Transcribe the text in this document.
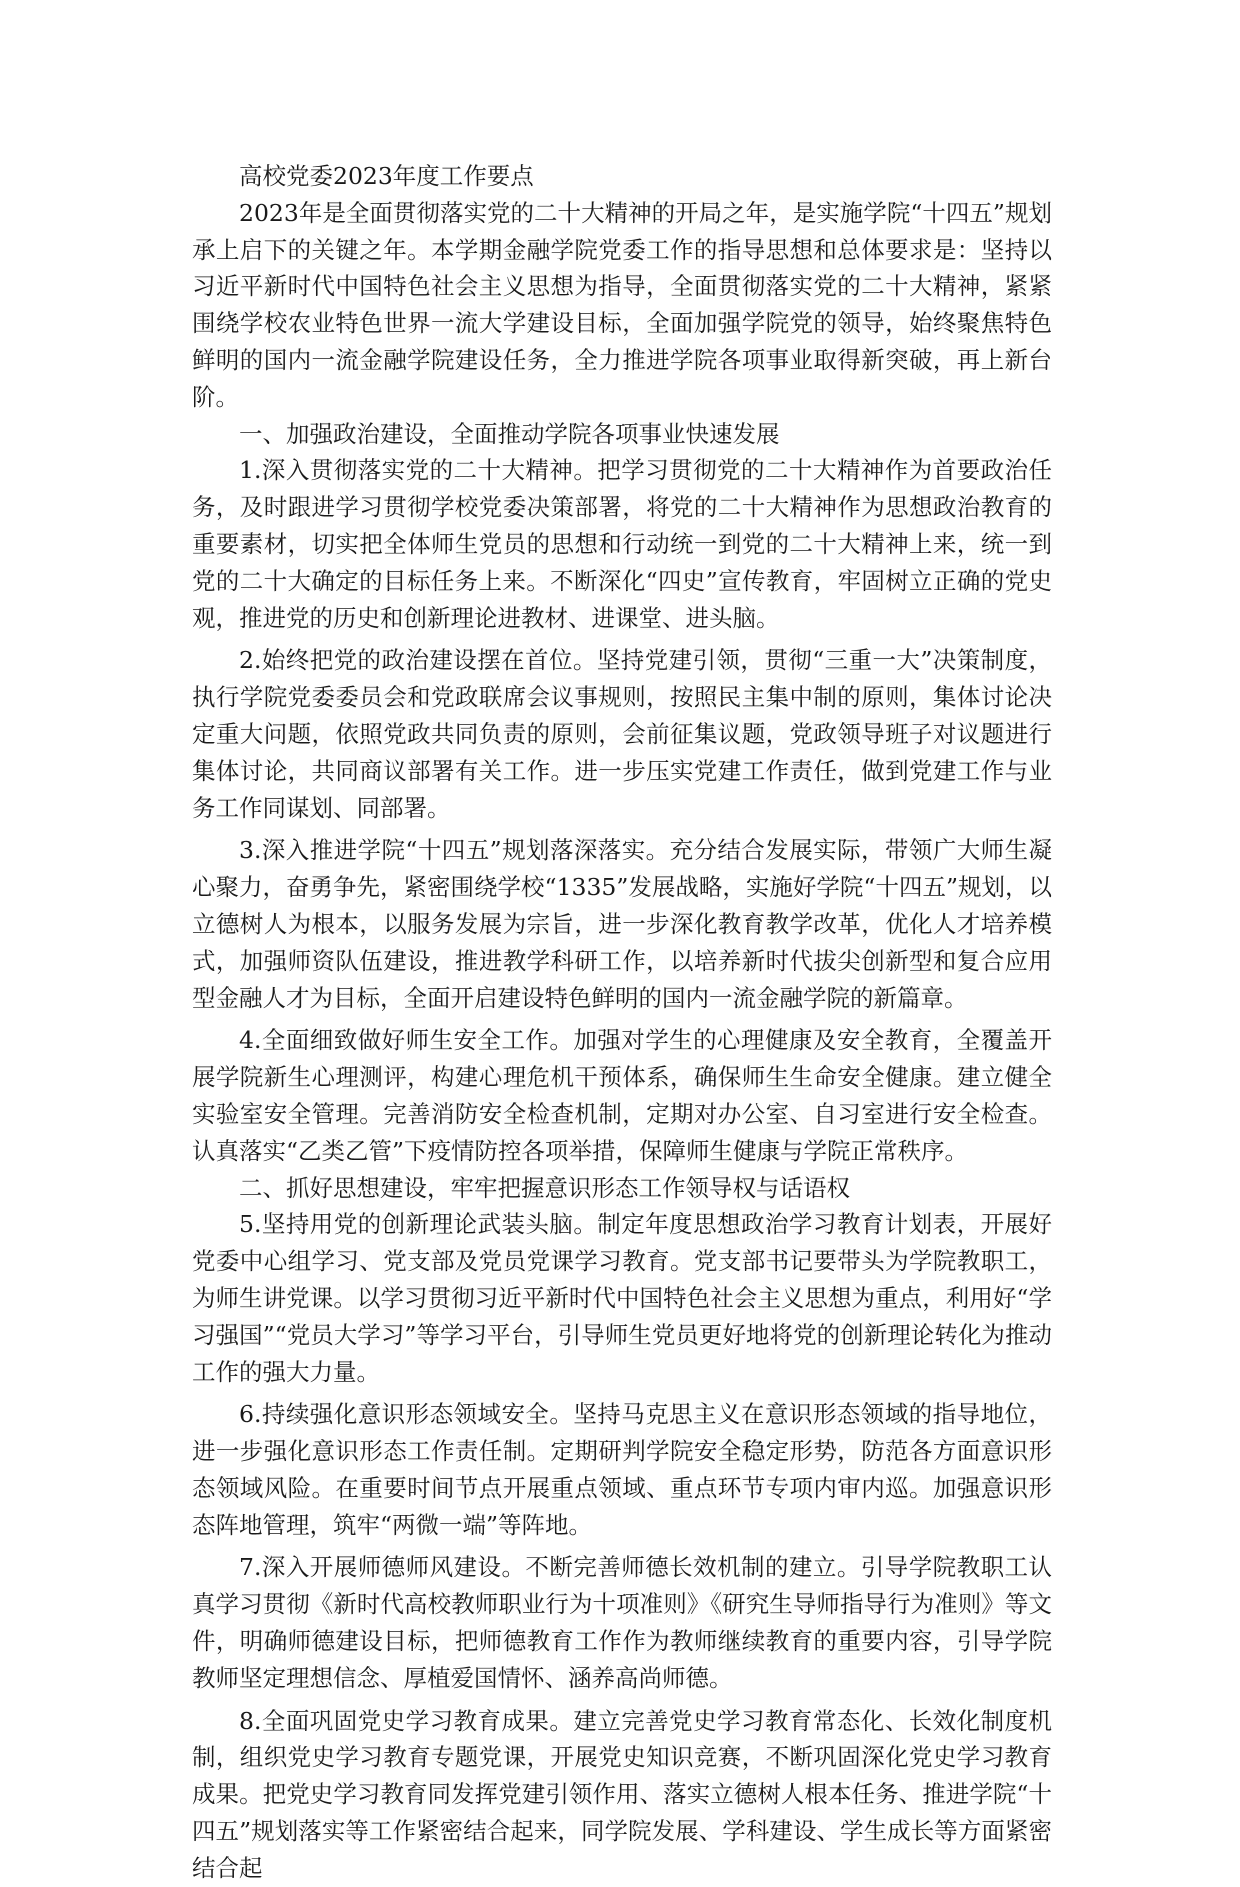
高校党委2023年度工作要点

2023年是全面贯彻落实党的二十大精神的开局之年，是实施学院“十四五”规划承上启下的关键之年。本学期金融学院党委工作的指导思想和总体要求是：坚持以习近平新时代中国特色社会主义思想为指导，全面贯彻落实党的二十大精神，紧紧围绕学校农业特色世界一流大学建设目标，全面加强学院党的领导，始终聚焦特色鲜明的国内一流金融学院建设任务，全力推进学院各项事业取得新突破，再上新台阶。

一、加强政治建设，全面推动学院各项事业快速发展

1.深入贯彻落实党的二十大精神。把学习贯彻党的二十大精神作为首要政治任务，及时跟进学习贯彻学校党委决策部署，将党的二十大精神作为思想政治教育的重要素材，切实把全体师生党员的思想和行动统一到党的二十大精神上来，统一到党的二十大确定的目标任务上来。不断深化“四史”宣传教育，牢固树立正确的党史观，推进党的历史和创新理论进教材、进课堂、进头脑。

2.始终把党的政治建设摆在首位。坚持党建引领，贯彻“三重一大”决策制度，执行学院党委委员会和党政联席会议事规则，按照民主集中制的原则，集体讨论决定重大问题，依照党政共同负责的原则，会前征集议题，党政领导班子对议题进行集体讨论，共同商议部署有关工作。进一步压实党建工作责任，做到党建工作与业务工作同谋划、同部署。

3.深入推进学院“十四五”规划落深落实。充分结合发展实际，带领广大师生凝心聚力，奋勇争先，紧密围绕学校“1335”发展战略，实施好学院“十四五”规划，以立德树人为根本，以服务发展为宗旨，进一步深化教育教学改革，优化人才培养模式，加强师资队伍建设，推进教学科研工作，以培养新时代拔尖创新型和复合应用型金融人才为目标，全面开启建设特色鲜明的国内一流金融学院的新篇章。

4.全面细致做好师生安全工作。加强对学生的心理健康及安全教育，全覆盖开展学院新生心理测评，构建心理危机干预体系，确保师生生命安全健康。建立健全实验室安全管理。完善消防安全检查机制，定期对办公室、自习室进行安全检查。认真落实“乙类乙管”下疫情防控各项举措，保障师生健康与学院正常秩序。

二、抓好思想建设，牢牢把握意识形态工作领导权与话语权

5.坚持用党的创新理论武装头脑。制定年度思想政治学习教育计划表，开展好党委中心组学习、党支部及党员党课学习教育。党支部书记要带头为学院教职工，为师生讲党课。以学习贯彻习近平新时代中国特色社会主义思想为重点，利用好“学习强国”“党员大学习”等学习平台，引导师生党员更好地将党的创新理论转化为推动工作的强大力量。

6.持续强化意识形态领域安全。坚持马克思主义在意识形态领域的指导地位，进一步强化意识形态工作责任制。定期研判学院安全稳定形势，防范各方面意识形态领域风险。在重要时间节点开展重点领域、重点环节专项内审内巡。加强意识形态阵地管理，筑牢“两微一端”等阵地。

7.深入开展师德师风建设。不断完善师德长效机制的建立。引导学院教职工认真学习贯彻《新时代高校教师职业行为十项准则》《研究生导师指导行为准则》等文件，明确师德建设目标，把师德教育工作作为教师继续教育的重要内容，引导学院教师坚定理想信念、厚植爱国情怀、涵养高尚师德。

8.全面巩固党史学习教育成果。建立完善党史学习教育常态化、长效化制度机制，组织党史学习教育专题党课，开展党史知识竞赛，不断巩固深化党史学习教育成果。把党史学习教育同发挥党建引领作用、落实立德树人根本任务、推进学院“十四五”规划落实等工作紧密结合起来，同学院发展、学科建设、学生成长等方面紧密结合起
